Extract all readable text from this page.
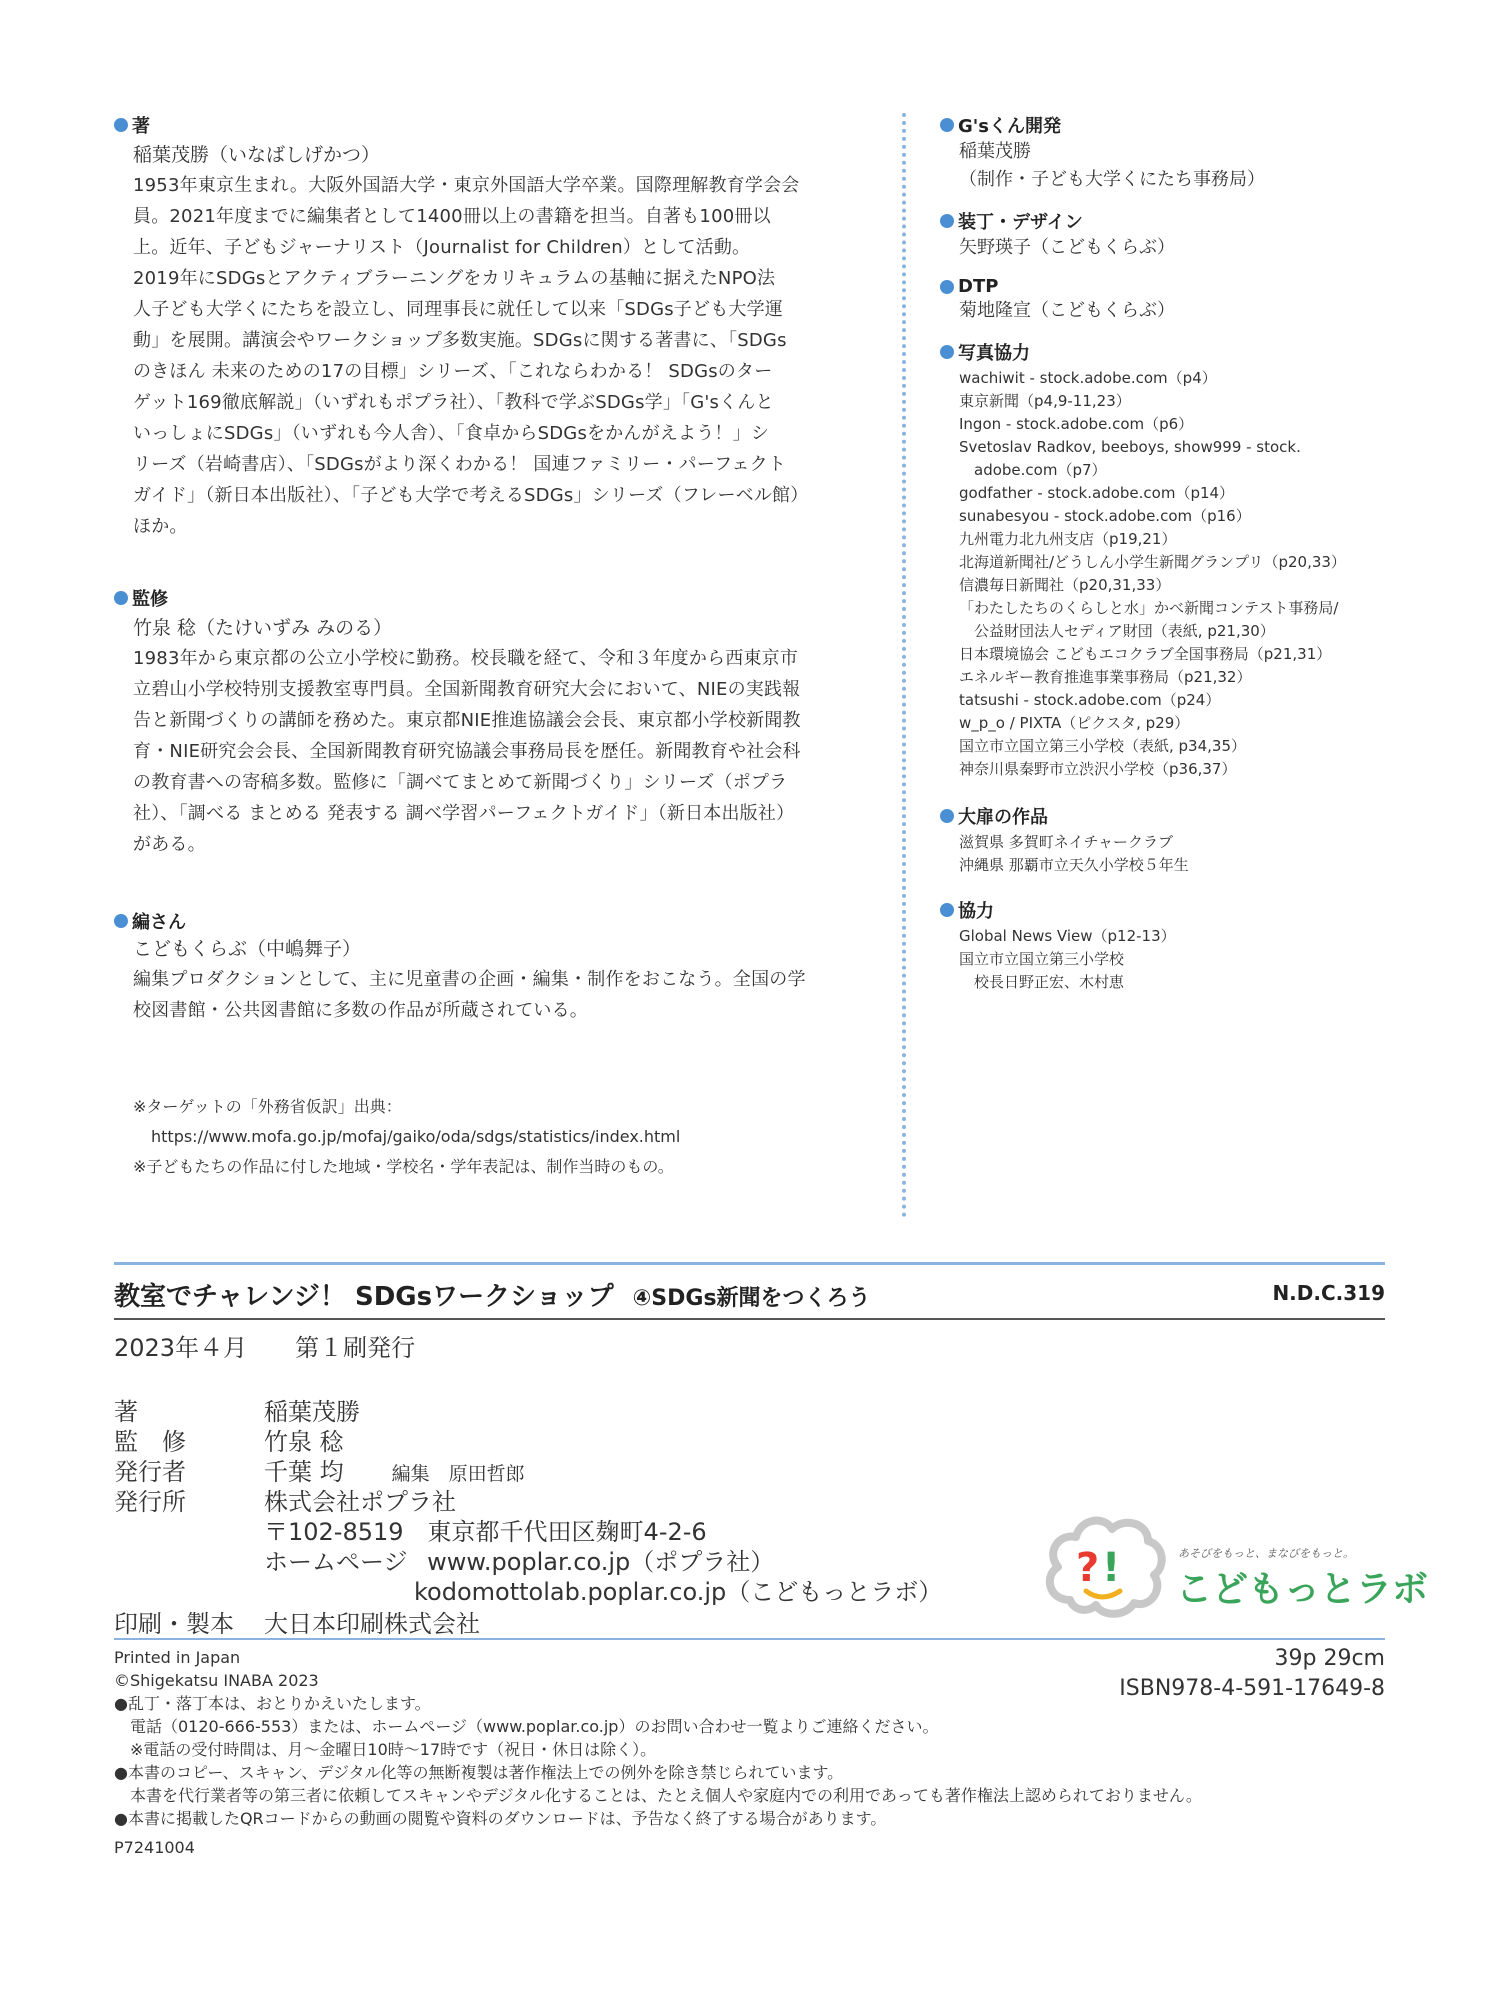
著
稲葉茂勝（いなばしげかつ）
1953年東京生まれ。大阪外国語大学・東京外国語大学卒業。国際理解教育学会会
員。2021年度までに編集者として1400冊以上の書籍を担当。自著も100冊以
上。近年、子どもジャーナリスト（Journalist for Children）として活動。
2019年にSDGsとアクティブラーニングをカリキュラムの基軸に据えたNPO法
人子ども大学くにたちを設立し、同理事長に就任して以来「SDGs子ども大学運
動」を展開。講演会やワークショップ多数実施。SDGsに関する著書に、「SDGs
のきほん 未来のための17の目標」シリーズ、「これならわかる！ SDGsのター
ゲット169徹底解説」（いずれもポプラ社）、「教科で学ぶSDGs学」「G'sくんと
いっしょにSDGs」（いずれも今人舎）、「食卓からSDGsをかんがえよう！」シ
リーズ（岩崎書店）、「SDGsがより深くわかる！ 国連ファミリー・パーフェクト
ガイド」（新日本出版社）、「子ども大学で考えるSDGs」シリーズ（フレーベル館）
ほか。
監修
竹泉 稔（たけいずみ みのる）
1983年から東京都の公立小学校に勤務。校長職を経て、令和３年度から西東京市
立碧山小学校特別支援教室専門員。全国新聞教育研究大会において、NIEの実践報
告と新聞づくりの講師を務めた。東京都NIE推進協議会会長、東京都小学校新聞教
育・NIE研究会会長、全国新聞教育研究協議会事務局長を歴任。新聞教育や社会科
の教育書への寄稿多数。監修に「調べてまとめて新聞づくり」シリーズ（ポプラ
社）、「調べる まとめる 発表する 調べ学習パーフェクトガイド」（新日本出版社）
がある。
編さん
こどもくらぶ（中嶋舞子）
編集プロダクションとして、主に児童書の企画・編集・制作をおこなう。全国の学
校図書館・公共図書館に多数の作品が所蔵されている。
※ターゲットの「外務省仮訳」出典：
https://www.mofa.go.jp/mofaj/gaiko/oda/sdgs/statistics/index.html
※子どもたちの作品に付した地域・学校名・学年表記は、制作当時のもの。
G'sくん開発
稲葉茂勝
（制作・子ども大学くにたち事務局）
装丁・デザイン
矢野瑛子（こどもくらぶ）
DTP
菊地隆宣（こどもくらぶ）
写真協力
wachiwit - stock.adobe.com（p4）
東京新聞（p4,9-11,23）
Ingon - stock.adobe.com（p6）
Svetoslav Radkov, beeboys, show999 - stock.
　adobe.com（p7）
godfather - stock.adobe.com（p14）
sunabesyou - stock.adobe.com（p16）
九州電力北九州支店（p19,21）
北海道新聞社/どうしん小学生新聞グランプリ（p20,33）
信濃毎日新聞社（p20,31,33）
「わたしたちのくらしと水」かべ新聞コンテスト事務局/
　公益財団法人セディア財団（表紙, p21,30）
日本環境協会 こどもエコクラブ全国事務局（p21,31）
エネルギー教育推進事業事務局（p21,32）
tatsushi - stock.adobe.com（p24）
w_p_o / PIXTA（ピクスタ, p29）
国立市立国立第三小学校（表紙, p34,35）
神奈川県秦野市立渋沢小学校（p36,37）
大扉の作品
滋賀県 多賀町ネイチャークラブ
沖縄県 那覇市立天久小学校５年生
協力
Global News View（p12-13）
国立市立国立第三小学校
　校長日野正宏、木村恵
教室でチャレンジ！ SDGsワークショップ ④SDGs新聞をつくろう	N.D.C.319
2023年４月　　第１刷発行
著	稲葉茂勝
監　修	竹泉 稔
発行者	千葉 均	編集　原田哲郎
発行所	株式会社ポプラ社
〒102-8519　東京都千代田区麹町4-2-6
ホームページ www.poplar.co.jp（ポプラ社）
kodomottolab.poplar.co.jp（こどもっとラボ）
印刷・製本 大日本印刷株式会社
? !	あそびをもっと、まなびをもっと。
こどもっとラボ
Printed in Japan
©Shigekatsu INABA 2023
●乱丁・落丁本は、おとりかえいたします。
　電話（0120-666-553）または、ホームページ（www.poplar.co.jp）のお問い合わせ一覧よりご連絡ください。
　※電話の受付時間は、月～金曜日10時～17時です（祝日・休日は除く）。
●本書のコピー、スキャン、デジタル化等の無断複製は著作権法上での例外を除き禁じられています。
　本書を代行業者等の第三者に依頼してスキャンやデジタル化することは、たとえ個人や家庭内での利用であっても著作権法上認められておりません。
●本書に掲載したQRコードからの動画の閲覧や資料のダウンロードは、予告なく終了する場合があります。
P7241004
39p 29cm
ISBN978-4-591-17649-8
